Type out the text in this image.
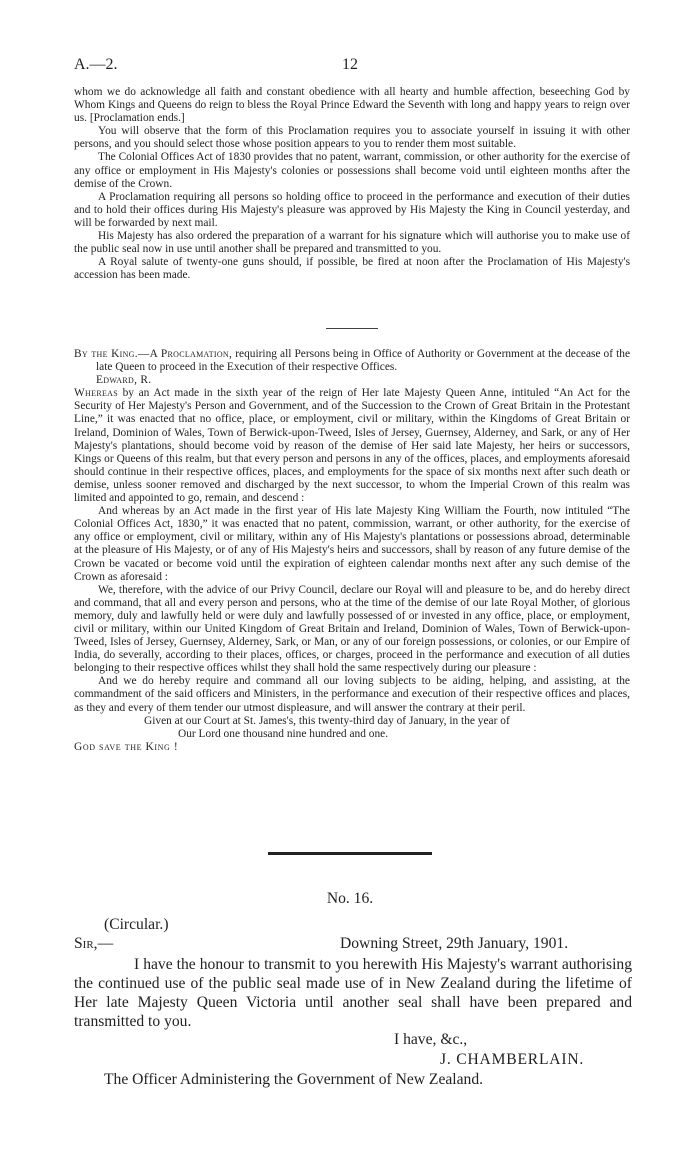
A.—2.	12

whom we do acknowledge all faith and constant obedience with all hearty and humble affection, beseeching God by Whom Kings and Queens do reign to bless the Royal Prince Edward the Seventh with long and happy years to reign over us. [Proclamation ends.]

You will observe that the form of this Proclamation requires you to associate yourself in issuing it with other persons, and you should select those whose position appears to you to render them most suitable.

The Colonial Offices Act of 1830 provides that no patent, warrant, commission, or other authority for the exercise of any office or employment in His Majesty's colonies or possessions shall become void until eighteen months after the demise of the Crown.

A Proclamation requiring all persons so holding office to proceed in the performance and execution of their duties and to hold their offices during His Majesty's pleasure was approved by His Majesty the King in Council yesterday, and will be forwarded by next mail.

His Majesty has also ordered the preparation of a warrant for his signature which will authorise you to make use of the public seal now in use until another shall be prepared and transmitted to you.

A Royal salute of twenty-one guns should, if possible, be fired at noon after the Proclamation of His Majesty's accession has been made.

By the King.—A Proclamation, requiring all Persons being in Office of Authority or Government at the decease of the late Queen to proceed in the Execution of their respective Offices.

Edward, R.

Whereas by an Act made in the sixth year of the reign of Her late Majesty Queen Anne, intituled “An Act for the Security of Her Majesty's Person and Government, and of the Succession to the Crown of Great Britain in the Protestant Line,” it was enacted that no office, place, or employment, civil or military, within the Kingdoms of Great Britain or Ireland, Dominion of Wales, Town of Berwick-upon-Tweed, Isles of Jersey, Guernsey, Alderney, and Sark, or any of Her Majesty's plantations, should become void by reason of the demise of Her said late Majesty, her heirs or successors, Kings or Queens of this realm, but that every person and persons in any of the offices, places, and employments aforesaid should continue in their respective offices, places, and employments for the space of six months next after such death or demise, unless sooner removed and discharged by the next successor, to whom the Imperial Crown of this realm was limited and appointed to go, remain, and descend :

And whereas by an Act made in the first year of His late Majesty King William the Fourth, now intituled “The Colonial Offices Act, 1830,” it was enacted that no patent, commission, warrant, or other authority, for the exercise of any office or employment, civil or military, within any of His Majesty's plantations or possessions abroad, determinable at the pleasure of His Majesty, or of any of His Majesty's heirs and successors, shall by reason of any future demise of the Crown be vacated or become void until the expiration of eighteen calendar months next after any such demise of the Crown as aforesaid :

We, therefore, with the advice of our Privy Council, declare our Royal will and pleasure to be, and do hereby direct and command, that all and every person and persons, who at the time of the demise of our late Royal Mother, of glorious memory, duly and lawfully held or were duly and lawfully possessed of or invested in any office, place, or employment, civil or military, within our United Kingdom of Great Britain and Ireland, Dominion of Wales, Town of Berwick-upon-Tweed, Isles of Jersey, Guernsey, Alderney, Sark, or Man, or any of our foreign possessions, or colonies, or our Empire of India, do severally, according to their places, offices, or charges, proceed in the performance and execution of all duties belonging to their respective offices whilst they shall hold the same respectively during our pleasure :

And we do hereby require and command all our loving subjects to be aiding, helping, and assisting, at the commandment of the said officers and Ministers, in the performance and execution of their respective offices and places, as they and every of them tender our utmost displeasure, and will answer the contrary at their peril.

Given at our Court at St. James's, this twenty-third day of January, in the year of

Our Lord one thousand nine hundred and one.

God save the King !

No. 16.
(Circular.)
Sir,—	Downing Street, 29th January, 1901.

I have the honour to transmit to you herewith His Majesty's warrant authorising the continued use of the public seal made use of in New Zealand during the lifetime of Her late Majesty Queen Victoria until another seal shall have been prepared and transmitted to you.

I have, &c.,
J. CHAMBERLAIN.
The Officer Administering the Government of New Zealand.
